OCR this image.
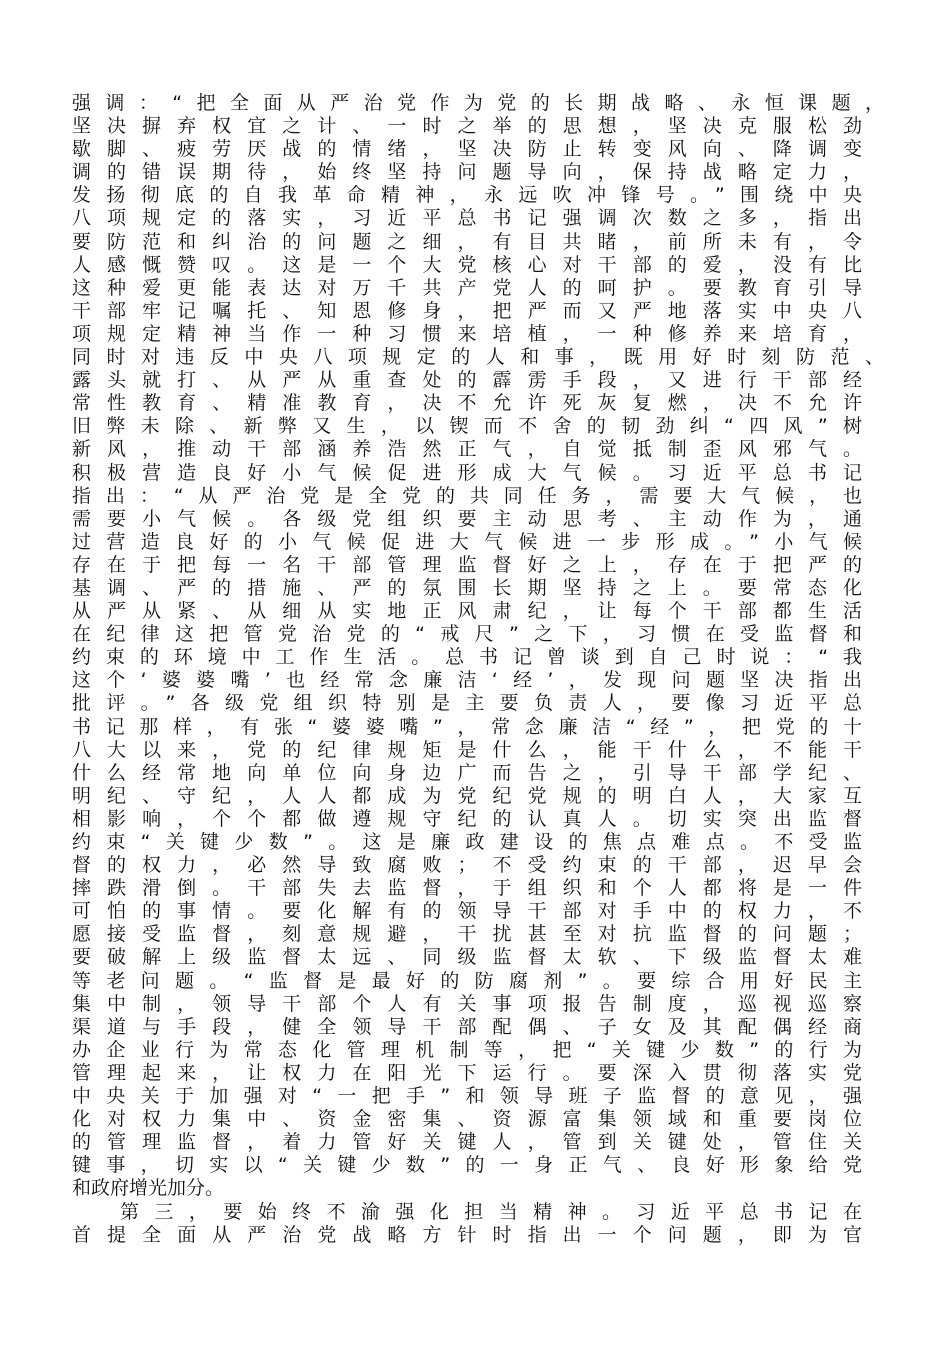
强调：“把全面从严治党作为党的长期战略、永恒课题，
坚决摒弃权宜之计、一时之举的思想，坚决克服松劲
歇脚、疲劳厌战的情绪，坚决防止转变风向、降调变
调的错误期待，始终坚持问题导向，保持战略定力，
发扬彻底的自我革命精神，永远吹冲锋号。”围绕中央
八项规定的落实，习近平总书记强调次数之多，指出
要防范和纠治的问题之细，有目共睹，前所未有，令
人感慨赞叹。这是一个大党核心对干部的爱，没有比
这种爱更能表达对万千共产党人的呵护。要教育引导
干部牢记嘱托、知恩修身，把严而又严地落实中央八
项规定精神当作一种习惯来培植，一种修养来培育，
同时对违反中央八项规定的人和事，既用好时刻防范、
露头就打、从严从重查处的霹雳手段，又进行干部经
常性教育、精准教育，决不允许死灰复燃，决不允许
旧弊未除、新弊又生，以锲而不舍的韧劲纠“四风”树
新风，推动干部涵养浩然正气，自觉抵制歪风邪气。
积极营造良好小气候促进形成大气候。习近平总书记
指出：“从严治党是全党的共同任务，需要大气候，也
需要小气候。各级党组织要主动思考、主动作为，通
过营造良好的小气候促进大气候进一步形成。”小气候
存在于把每一名干部管理监督好之上，存在于把严的
基调、严的措施、严的氛围长期坚持之上。要常态化
从严从紧、从细从实地正风肃纪，让每个干部都生活
在纪律这把管党治党的“戒尺”之下，习惯在受监督和
约束的环境中工作生活。总书记曾谈到自己时说：“我
这个‘婆婆嘴’也经常念廉洁‘经’，发现问题坚决指出
批评。”各级党组织特别是主要负责人，要像习近平总
书记那样，有张“婆婆嘴”，常念廉洁“经”，把党的十
八大以来，党的纪律规矩是什么，能干什么，不能干
什么经常地向单位向身边广而告之，引导干部学纪、
明纪、守纪，人人都成为党纪党规的明白人，大家互
相影响，个个都做遵规守纪的认真人。切实突出监督
约束“关键少数”。这是廉政建设的焦点难点。不受监
督的权力，必然导致腐败；不受约束的干部，迟早会
摔跌滑倒。干部失去监督，于组织和个人都将是一件
可怕的事情。要化解有的领导干部对手中的权力，不
愿接受监督，刻意规避，干扰甚至对抗监督的问题；
要破解上级监督太远、同级监督太软、下级监督太难
等老问题。“监督是最好的防腐剂”。要综合用好民主
集中制，领导干部个人有关事项报告制度，巡视巡察
渠道与手段，健全领导干部配偶、子女及其配偶经商
办企业行为常态化管理机制等，把“关键少数”的行为
管理起来，让权力在阳光下运行。要深入贯彻落实党
中央关于加强对“一把手”和领导班子监督的意见，强
化对权力集中、资金密集、资源富集领域和重要岗位
的管理监督，着力管好关键人，管到关键处，管住关
键事，切实以“关键少数”的一身正气、良好形象给党
和政府增光加分。
第三，要始终不渝强化担当精神。习近平总书记在
首提全面从严治党战略方针时指出一个问题，即为官
